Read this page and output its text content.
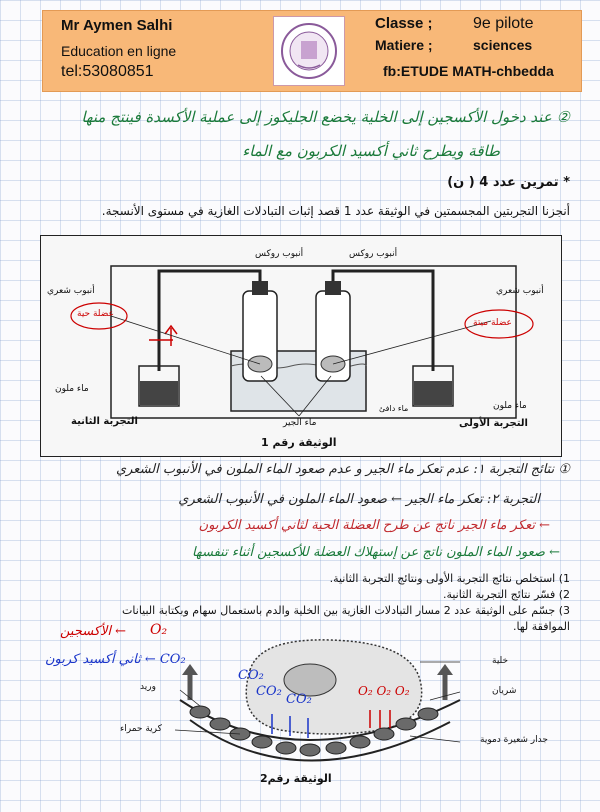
Mr Aymen Salhi
Education en ligne
tel:53080851
Classe ;	9e pilote
Matiere ;	sciences
fb:ETUDE MATH-chbedda
② عند دخول الأكسجين إلى الخلية يخضع الجليكوز إلى عملية الأكسدة فينتج منها
طاقة ويطرح ثاني أكسيد الكربون مع الماء
* تمرين عدد 4 ( ن)
أنجزنا التجربتين المجسمتين في الوثيقة عدد 1 قصد إثبات التبادلات الغازية في مستوى الأنسجة.
أنبوب روكس	أنبوب روكس
أنبوب شعري	أنبوب شعري
عضلة حية
عضلة ميتة
ماء ملون
ماء ملون
ماء الجير
ماء دافئ
التجربة الثانية	التجربة الأولى
الوثيقة رقم 1
① نتائج التجربة ١: عدم تعكر ماء الجير و عدم صعود الماء الملون في الأنبوب الشعري
التجربة ٢: تعكر ماء الجير ← صعود الماء الملون في الأنبوب الشعري
← تعكر ماء الجير ناتج عن طرح العضلة الحية لثاني أكسيد الكربون
← صعود الماء الملون ناتج عن إستهلاك العضلة للأكسجين أثناء تنفسها
1) استخلص نتائج التجربة الأولى ونتائج التجربة الثانية.
2) فسّر نتائج التجربة الثانية.
3) جسّم على الوثيقة عدد 2 مسار التبادلات الغازية بين الخلية والدم باستعمال سهام وبكتابة البيانات
الموافقة لها.
خلية
وريد	شريان
كرية حمراء
جدار شعيرة دموية
O₂
← الأكسجين
CO₂ ← ثاني أكسيد كربون
CO₂
CO₂
CO₂
O₂ O₂ O₂
الوثيقة رقم2
